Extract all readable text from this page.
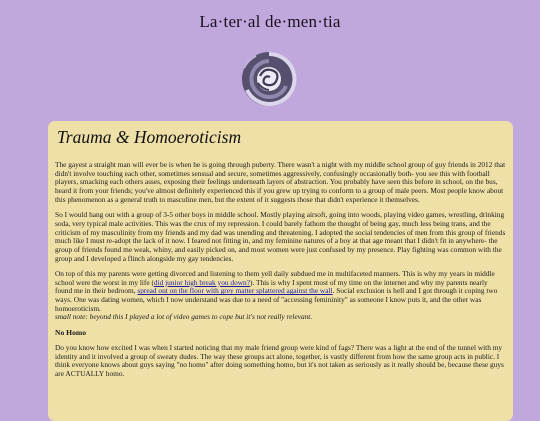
La·ter·al de·men·tia
Trauma & Homoeroticism

The gayest a straight man will ever be is when he is going through puberty. There wasn't a night with my middle school group of guy friends in 2012 that didn't involve touching each other, sometimes sensual and secure, sometimes aggressively, confusingly occasionally both- you see this with football players, smacking each others asses, exposing their feelings underneath layers of abstraction. You probably have seen this before in school, on the bus, heard it from your friends; you've almost definitely experienced this if you grew up trying to conform to a group of male peers. Most people know about this phenomenon as a general truth to masculine men, but the extent of it suggests those that didn't experience it themselves.

So I would hang out with a group of 3-5 other boys in middle school. Mostly playing airsoft, going into woods, playing video games, wrestling, drinking soda, very typical male activities. This was the crux of my repression. I could barely fathom the thought of being gay, much less being trans, and the criticism of my masculinity from my friends and my dad was unending and threatening. I adopted the social tendencies of men from this group of friends much like I must re-adopt the lack of it now. I feared not fitting in, and my feminine natures of a boy at that age meant that I didn't fit in anywhere- the group of friends found me weak, whiny, and easily picked on, and most women were just confused by my presence. Play fighting was common with the group and I developed a flinch alongside my gay tendencies.

On top of this my parents were getting divorced and listening to them yell daily subdued me in multifaceted manners. This is why my years in middle school were the worst in my life (did junior high break you down?). This is why I spent most of my time on the internet and why my parents nearly found me in their bedroom, spread out on the floor with grey matter splattered against the wall. Social exclusion is hell and I got through it coping two ways. One was dating women, which I now understand was due to a need of "accessing femininity" as someone I know puts it, and the other was homoeroticism.
small note: beyond this I played a lot of video games to cope but it's not really relevant.

No Homo

Do you know how excited I was when I started noticing that my male friend group were kind of fags? There was a light at the end of the tunnel with my identity and it involved a group of sweaty dudes. The way these groups act alone, together, is vastly different from how the same group acts in public. I think everyone knows about guys saying "no homo" after doing something homo, but it's not taken as seriously as it really should be, because these guys are ACTUALLY homo.
